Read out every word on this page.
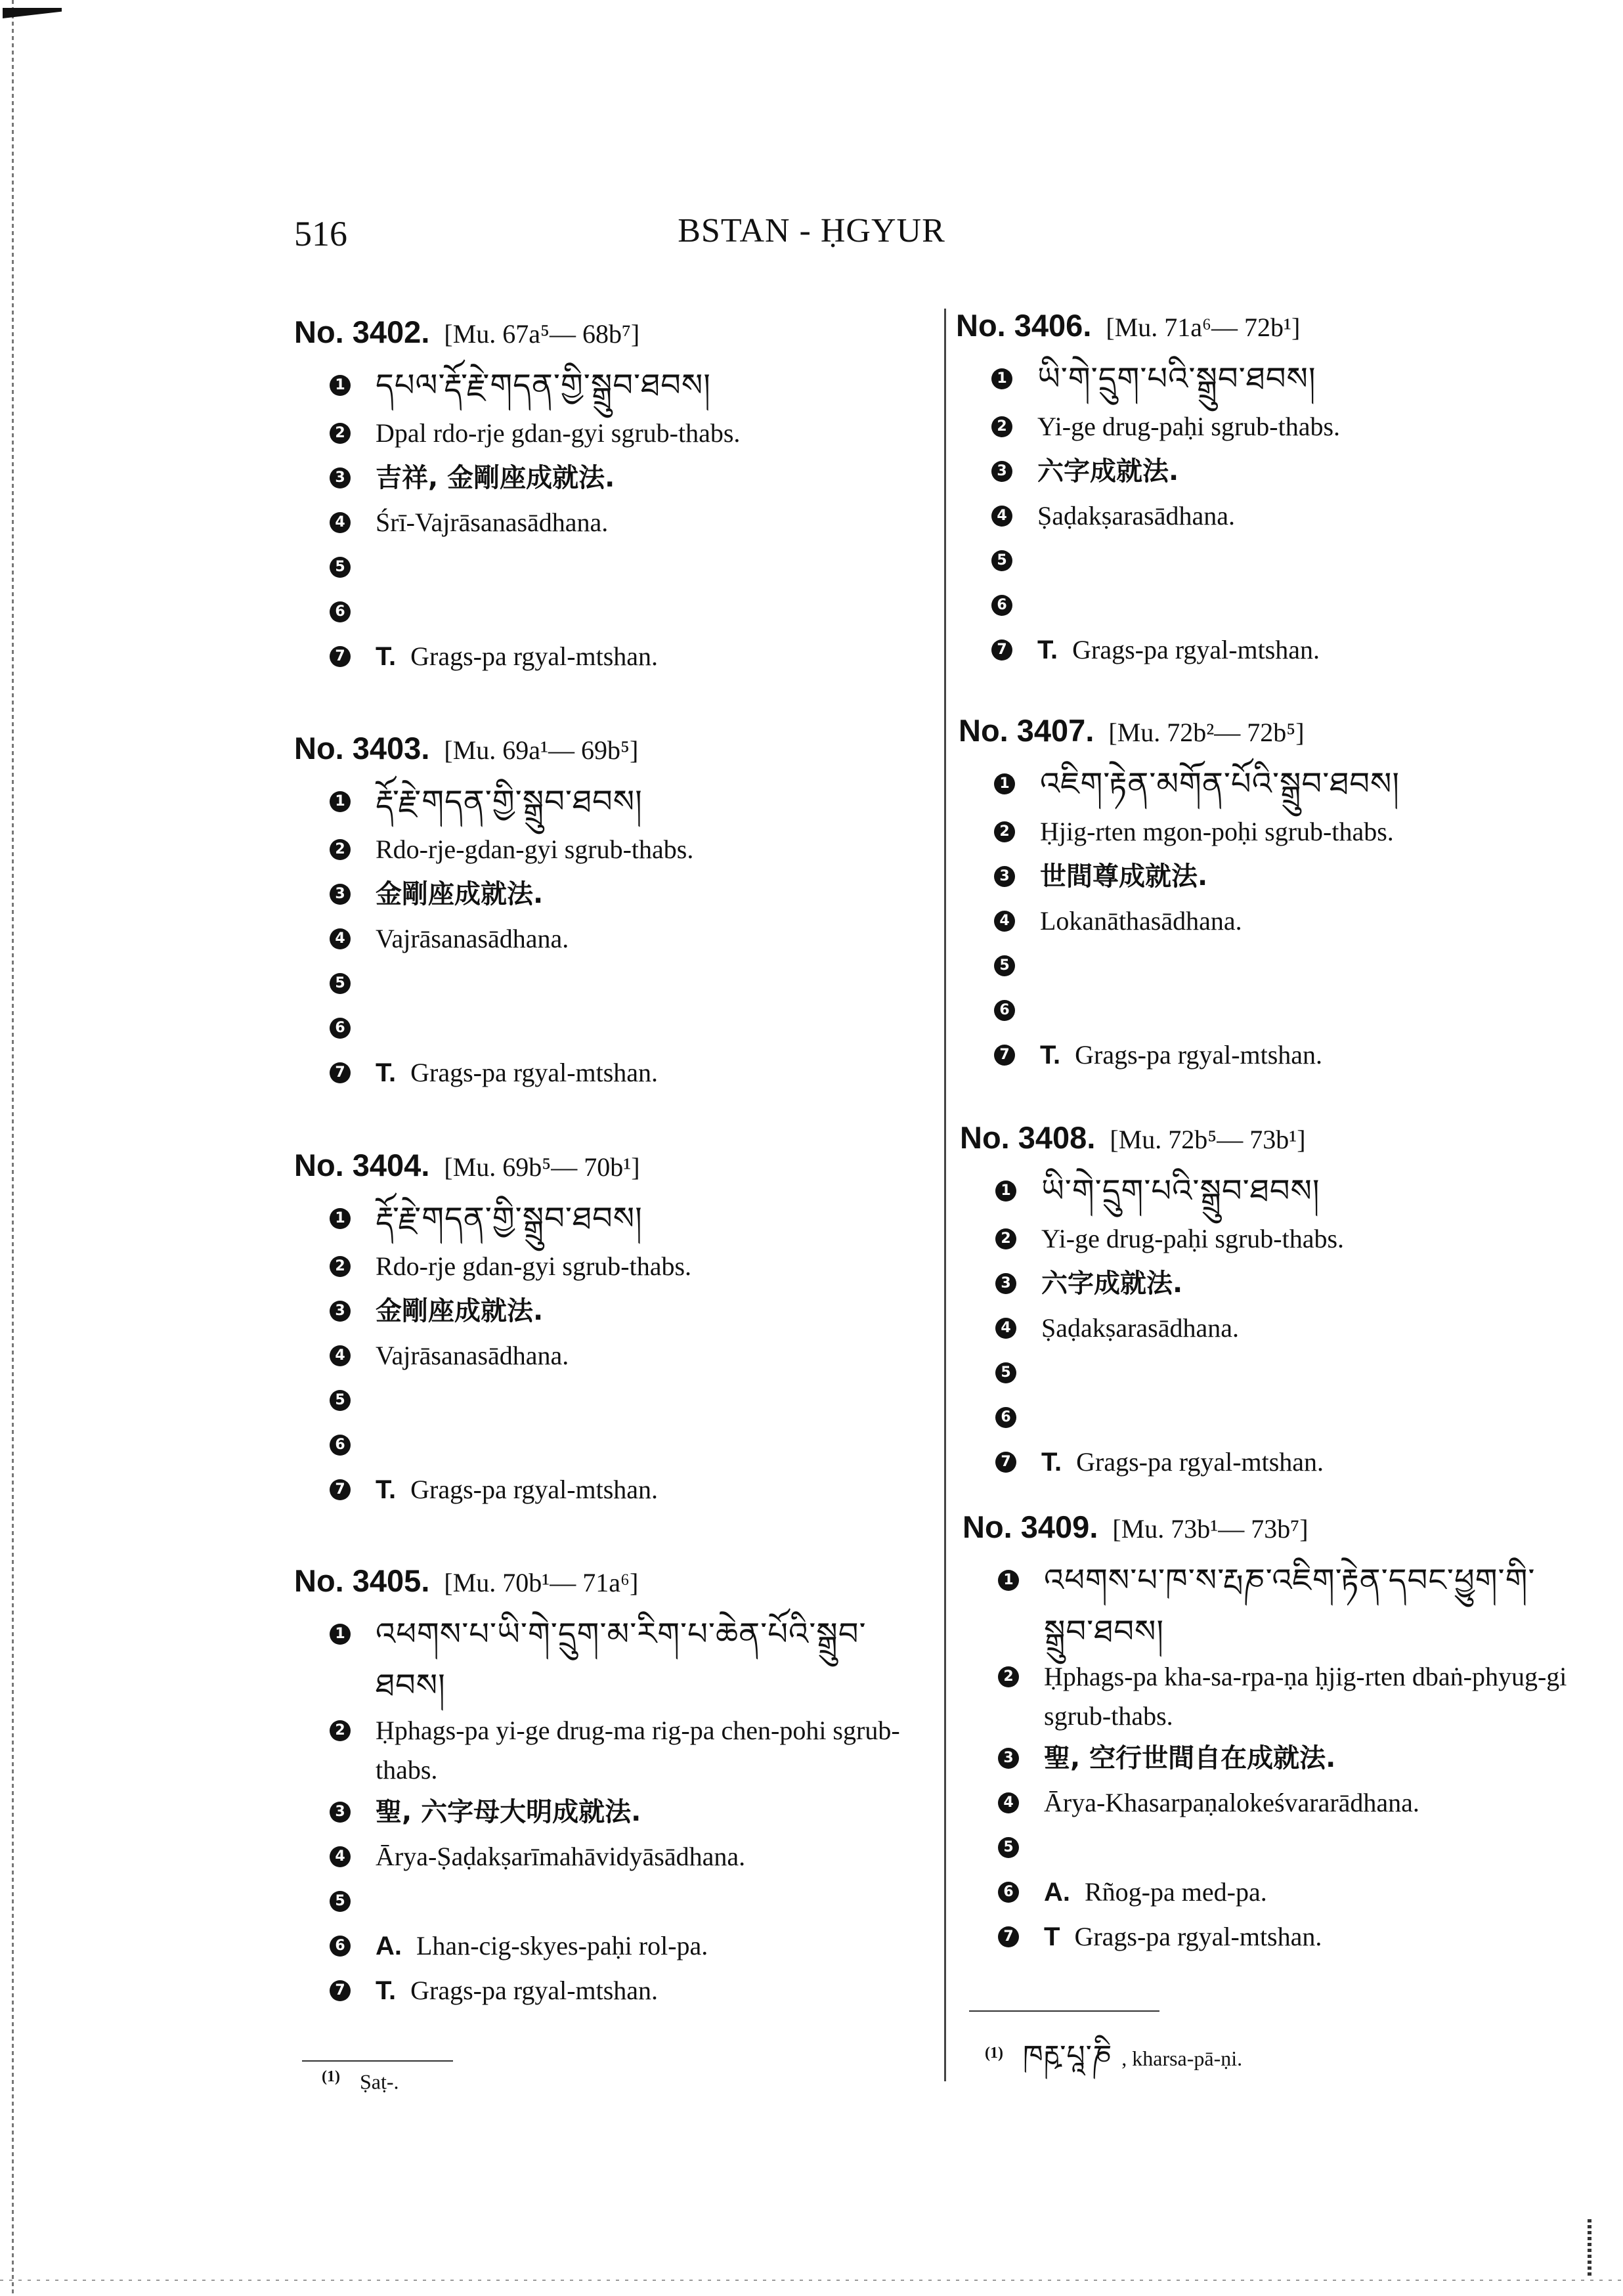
516	BSTAN - ḤGYUR
No. 3402. [Mu. 67a⁵— 68b⁷]
1 དཔལ་རྡོ་རྗེ་གདན་གྱི་སྒྲུབ་ཐབས།
2 Dpal rdo-rje gdan-gyi sgrub-thabs.
3 吉祥, 金剛座成就法.
4 Śrī-Vajrāsanasādhana.
5
6
7 T. Grags-pa rgyal-mtshan.
No. 3403. [Mu. 69a¹— 69b⁵]
1 རྡོ་རྗེ་གདན་གྱི་སྒྲུབ་ཐབས།
2 Rdo-rje-gdan-gyi sgrub-thabs.
3 金剛座成就法.
4 Vajrāsanasādhana.
5
6
7 T. Grags-pa rgyal-mtshan.
No. 3404. [Mu. 69b⁵— 70b¹]
1 རྡོ་རྗེ་གདན་གྱི་སྒྲུབ་ཐབས།
2 Rdo-rje gdan-gyi sgrub-thabs.
3 金剛座成就法.
4 Vajrāsanasādhana.
5
6
7 T. Grags-pa rgyal-mtshan.
No. 3405. [Mu. 70b¹— 71a⁶]
1 འཕགས་པ་ཡི་གེ་དྲུག་མ་རིག་པ་ཆེན་པོའི་སྒྲུབ་
ཐབས།
2 Ḥphags-pa yi-ge drug-ma rig-pa chen-pohi sgrub-thabs.
3 聖, 六字母大明成就法.
4 Ārya-Ṣaḍakṣarīmahāvidyāsādhana.
5
6 A. Lhan-cig-skyes-paḥi rol-pa.
7 T. Grags-pa rgyal-mtshan.
$^{(1)}$ Ṣaṭ-.
No. 3406. [Mu. 71a⁶— 72b¹]
1 ཡི་གེ་དྲུག་པའི་སྒྲུབ་ཐབས།
2 Yi-ge drug-paḥi sgrub-thabs.
3 六字成就法.
4 Ṣaḍakṣarasādhana.
5
6
7 T. Grags-pa rgyal-mtshan.
No. 3407. [Mu. 72b²— 72b⁵]
1 འཇིག་རྟེན་མགོན་པོའི་སྒྲུབ་ཐབས།
2 Ḥjig-rten mgon-poḥi sgrub-thabs.
3 世間尊成就法.
4 Lokanāthasādhana.
5
6
7 T. Grags-pa rgyal-mtshan.
No. 3408. [Mu. 72b⁵— 73b¹]
1 ཡི་གེ་དྲུག་པའི་སྒྲུབ་ཐབས།
2 Yi-ge drug-paḥi sgrub-thabs.
3 六字成就法.
4 Ṣaḍakṣarasādhana.
5
6
7 T. Grags-pa rgyal-mtshan.
No. 3409. [Mu. 73b¹— 73b⁷]
1 འཕགས་པ་ཁ་ས་རྤཎ་འཇིག་རྟེན་དབང་ཕྱུག་གི་
སྒྲུབ་ཐབས།
2 Ḥphags-pa kha-sa-rpa-ṇa ḥjig-rten dbaṅ-phyug-gi sgrub-thabs.
3 聖, 空行世間自在成就法.
4 Ārya-Khasarpaṇalokeśvararādhana.
5
6 A. Rñog-pa med-pa.
7 T Grags-pa rgyal-mtshan.
$^{(1)}$ ཁརྵ་པཱ་ཎི , kharsa-pā-ṇi.
